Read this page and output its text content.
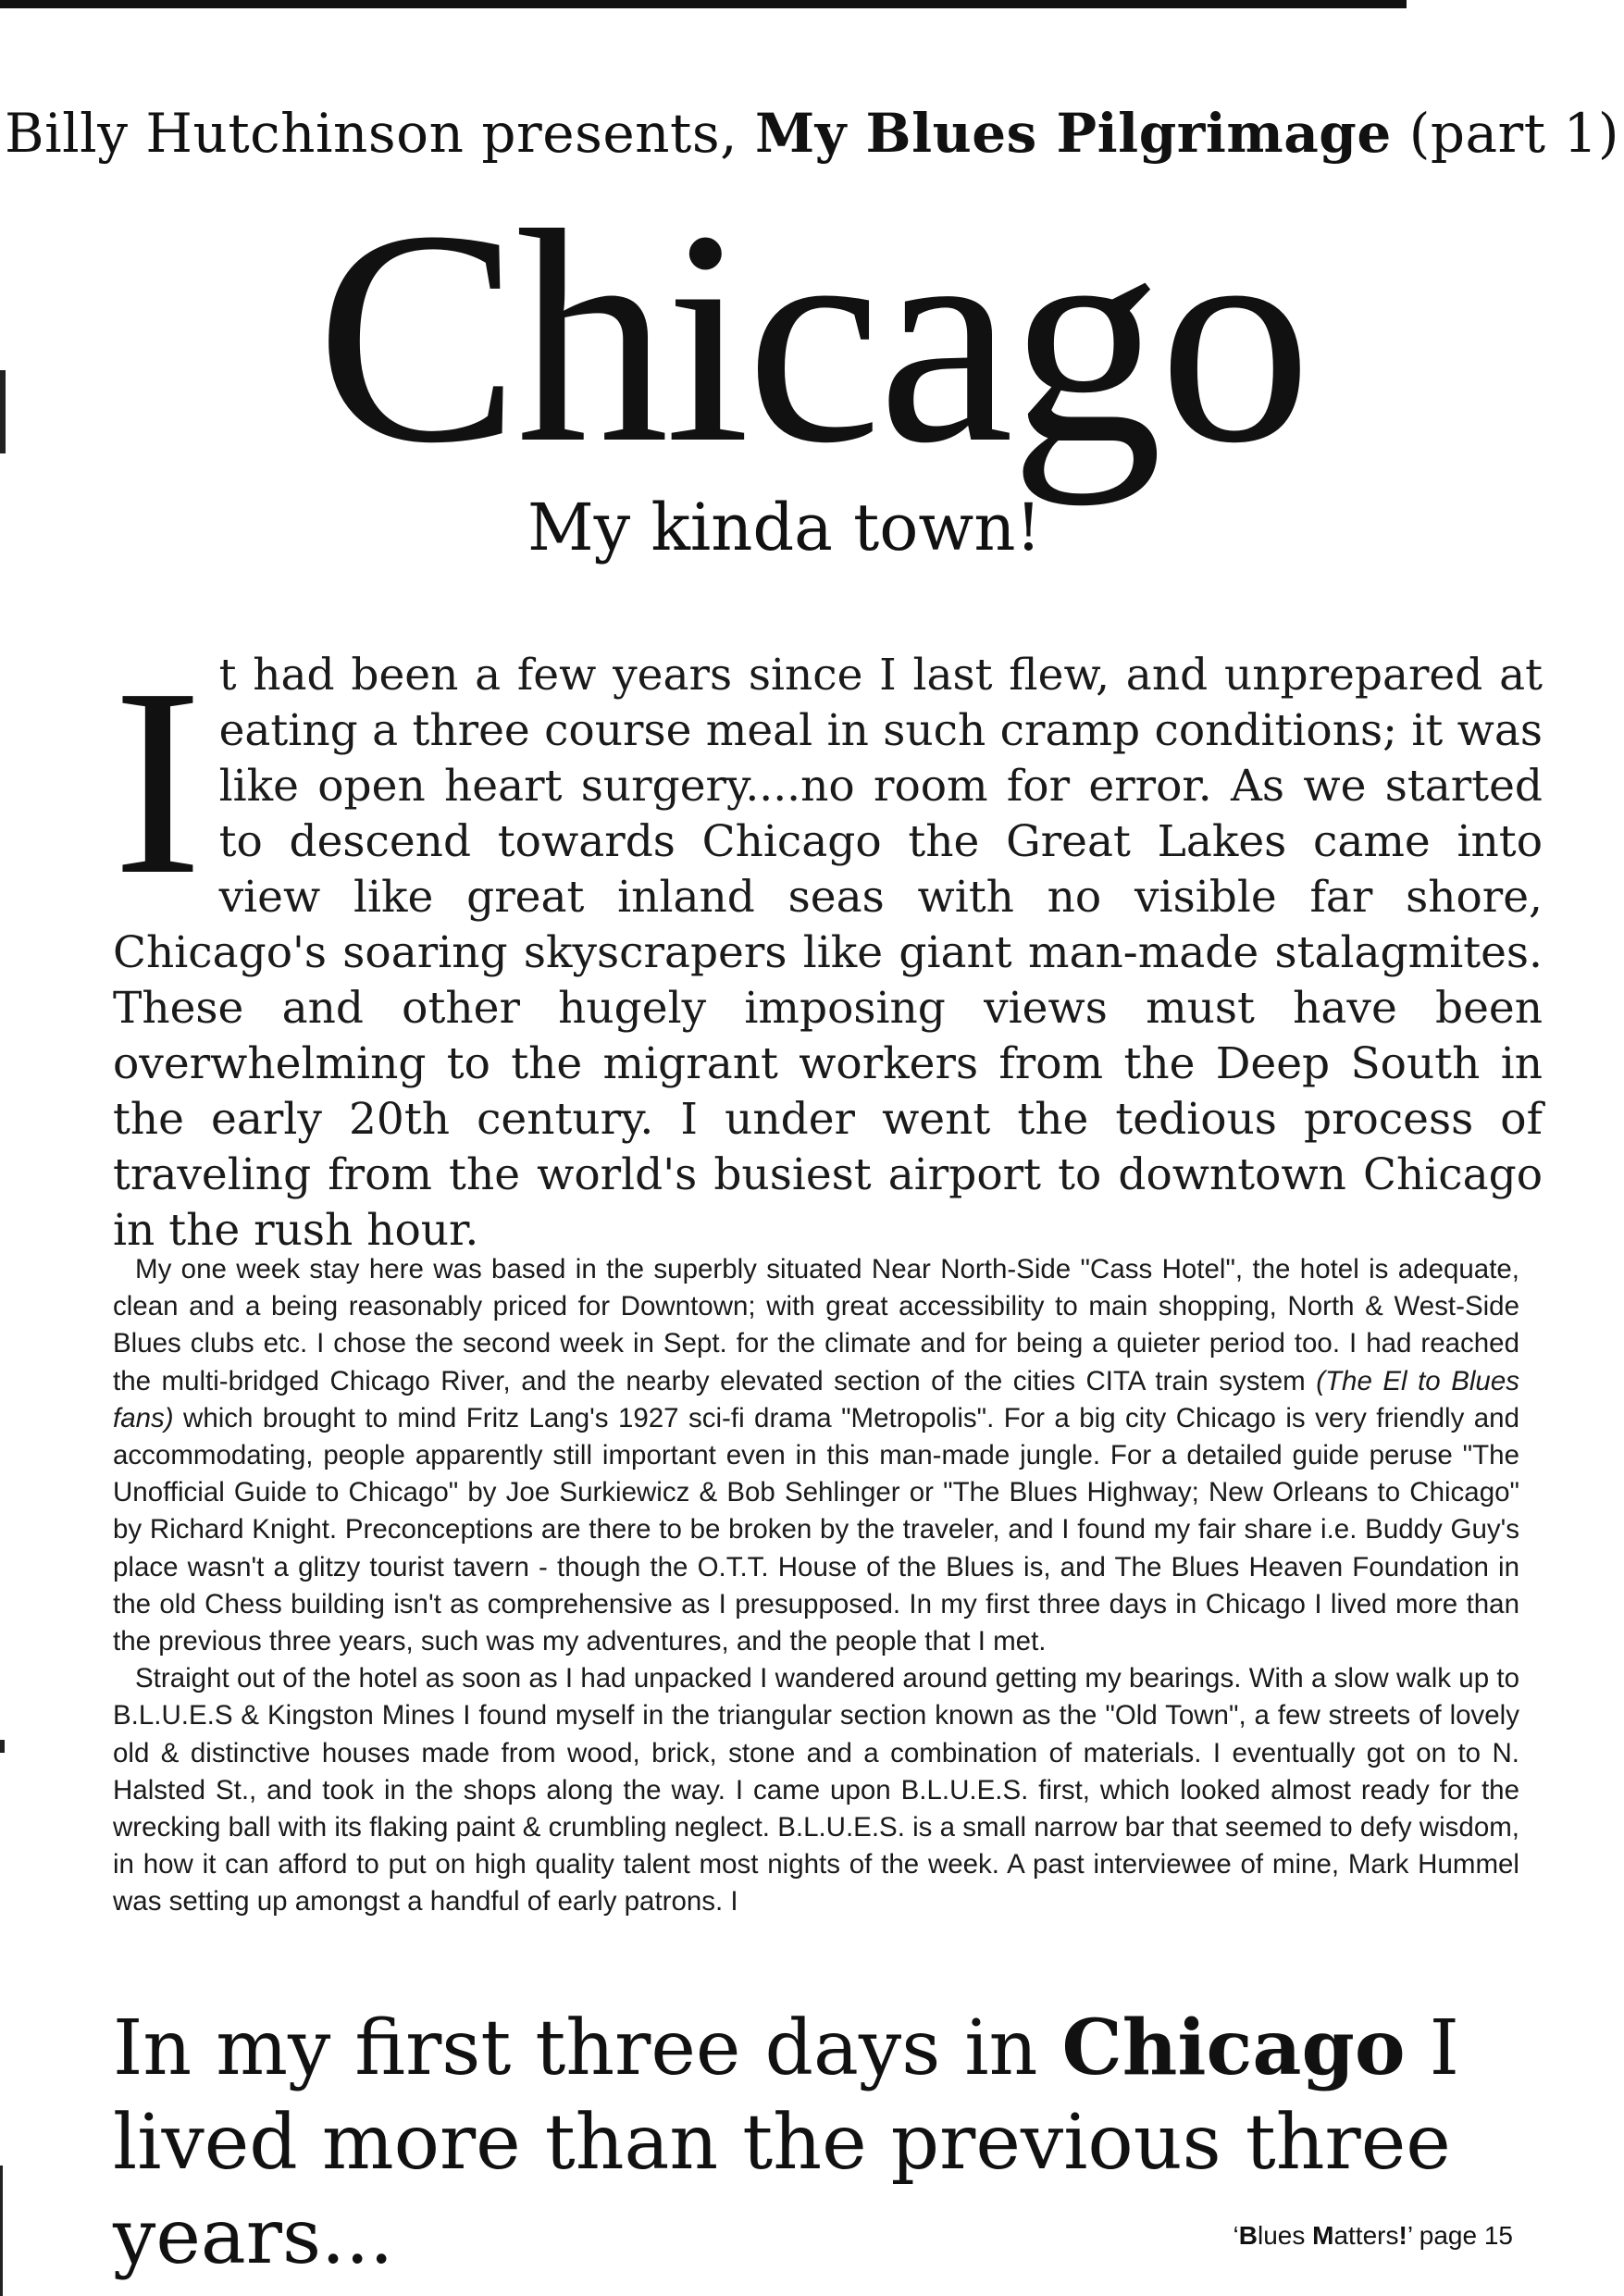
Billy Hutchinson presents, My Blues Pilgrimage (part 1)
Chicago
My kinda town!
It had been a few years since I last flew, and unprepared at eating a three course meal in such cramp conditions; it was like open heart surgery....no room for error. As we started to descend towards Chicago the Great Lakes came into view like great inland seas with no visible far shore, Chicago's soaring skyscrapers like giant man-made stalagmites. These and other hugely imposing views must have been overwhelming to the migrant workers from the Deep South in the early 20th century. I under went the tedious process of traveling from the world's busiest airport to downtown Chicago in the rush hour.

My one week stay here was based in the superbly situated Near North-Side "Cass Hotel", the hotel is adequate, clean and a being reasonably priced for Downtown; with great accessibility to main shopping, North & West-Side Blues clubs etc. I chose the second week in Sept. for the climate and for being a quieter period too. I had reached the multi-bridged Chicago River, and the nearby elevated section of the cities CITA train system (The El to Blues fans) which brought to mind Fritz Lang's 1927 sci-fi drama "Metropolis". For a big city Chicago is very friendly and accommodating, people apparently still important even in this man-made jungle. For a detailed guide peruse "The Unofficial Guide to Chicago" by Joe Surkiewicz & Bob Sehlinger or "The Blues Highway; New Orleans to Chicago" by Richard Knight. Preconceptions are there to be broken by the traveler, and I found my fair share i.e. Buddy Guy's place wasn't a glitzy tourist tavern - though the O.T.T. House of the Blues is, and The Blues Heaven Foundation in the old Chess building isn't as comprehensive as I presupposed. In my first three days in Chicago I lived more than the previous three years, such was my adventures, and the people that I met.

Straight out of the hotel as soon as I had unpacked I wandered around getting my bearings. With a slow walk up to B.L.U.E.S & Kingston Mines I found myself in the triangular section known as the "Old Town", a few streets of lovely old & distinctive houses made from wood, brick, stone and a combination of materials. I eventually got on to N. Halsted St., and took in the shops along the way. I came upon B.L.U.E.S. first, which looked almost ready for the wrecking ball with its flaking paint & crumbling neglect. B.L.U.E.S. is a small narrow bar that seemed to defy wisdom, in how it can afford to put on high quality talent most nights of the week. A past interviewee of mine, Mark Hummel was setting up amongst a handful of early patrons. I

In my first three days in Chicago I lived more than the previous three years...	‘Blues Matters!’ page 15
